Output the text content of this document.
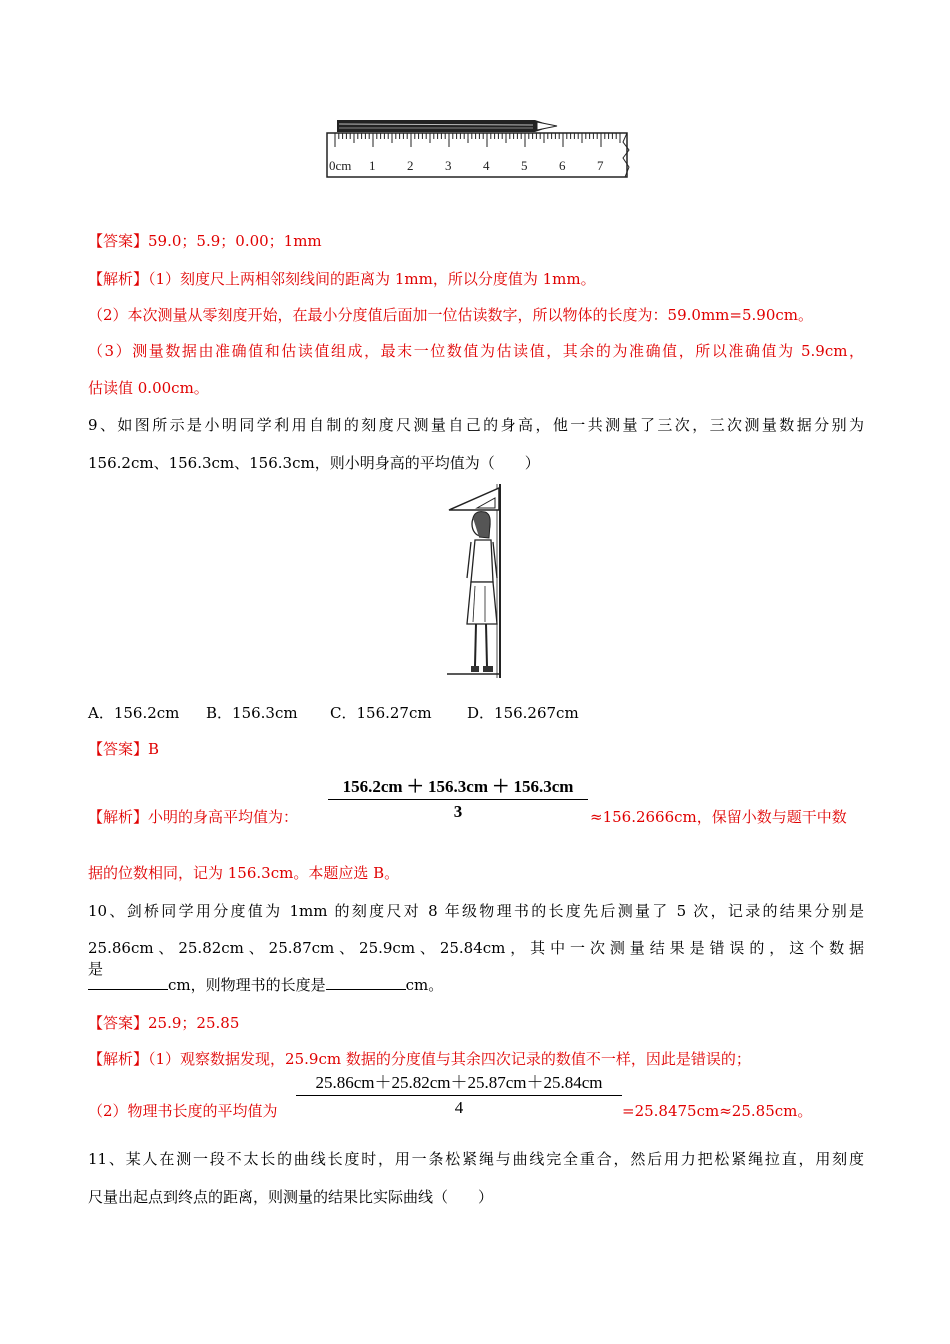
0cm 1 2 3 4 5 6 7
【答案】59.0；5.9；0.00；1mm
【解析】（1）刻度尺上两相邻刻线间的距离为 1mm，所以分度值为 1mm。
（2）本次测量从零刻度开始，在最小分度值后面加一位估读数字，所以物体的长度为：59.0mm=5.90cm。
（3）测量数据由准确值和估读值组成，最末一位数值为估读值，其余的为准确值，所以准确值为 5.9cm，
估读值 0.00cm。
9、如图所示是小明同学利用自制的刻度尺测量自己的身高，他一共测量了三次，三次测量数据分别为
156.2cm、156.3cm、156.3cm，则小明身高的平均值为（　　）
A．156.2cm B．156.3cm C．156.27cm D．156.267cm
【答案】B
【解析】小明的身高平均值为：
156.2cm ＋ 156.3cm ＋ 156.3cm
3	≈156.2666cm，保留小数与题干中数
据的位数相同，记为 156.3cm。本题应选 B。
10、剑桥同学用分度值为 1mm 的刻度尺对 8 年级物理书的长度先后测量了 5 次，记录的结果分别是
25.86cm 、 25.82cm 、 25.87cm 、 25.9cm 、 25.84cm ， 其 中 一 次 测 量 结 果 是 错 误 的 ， 这 个 数 据 是
cm，则物理书的长度是	cm。
【答案】25.9；25.85
【解析】（1）观察数据发现，25.9cm 数据的分度值与其余四次记录的数值不一样，因此是错误的；
（2）物理书长度的平均值为
25.86cm＋25.82cm＋25.87cm＋25.84cm
4	=25.8475cm≈25.85cm。
11、某人在测一段不太长的曲线长度时，用一条松紧绳与曲线完全重合，然后用力把松紧绳拉直，用刻度
尺量出起点到终点的距离，则测量的结果比实际曲线（　　）
